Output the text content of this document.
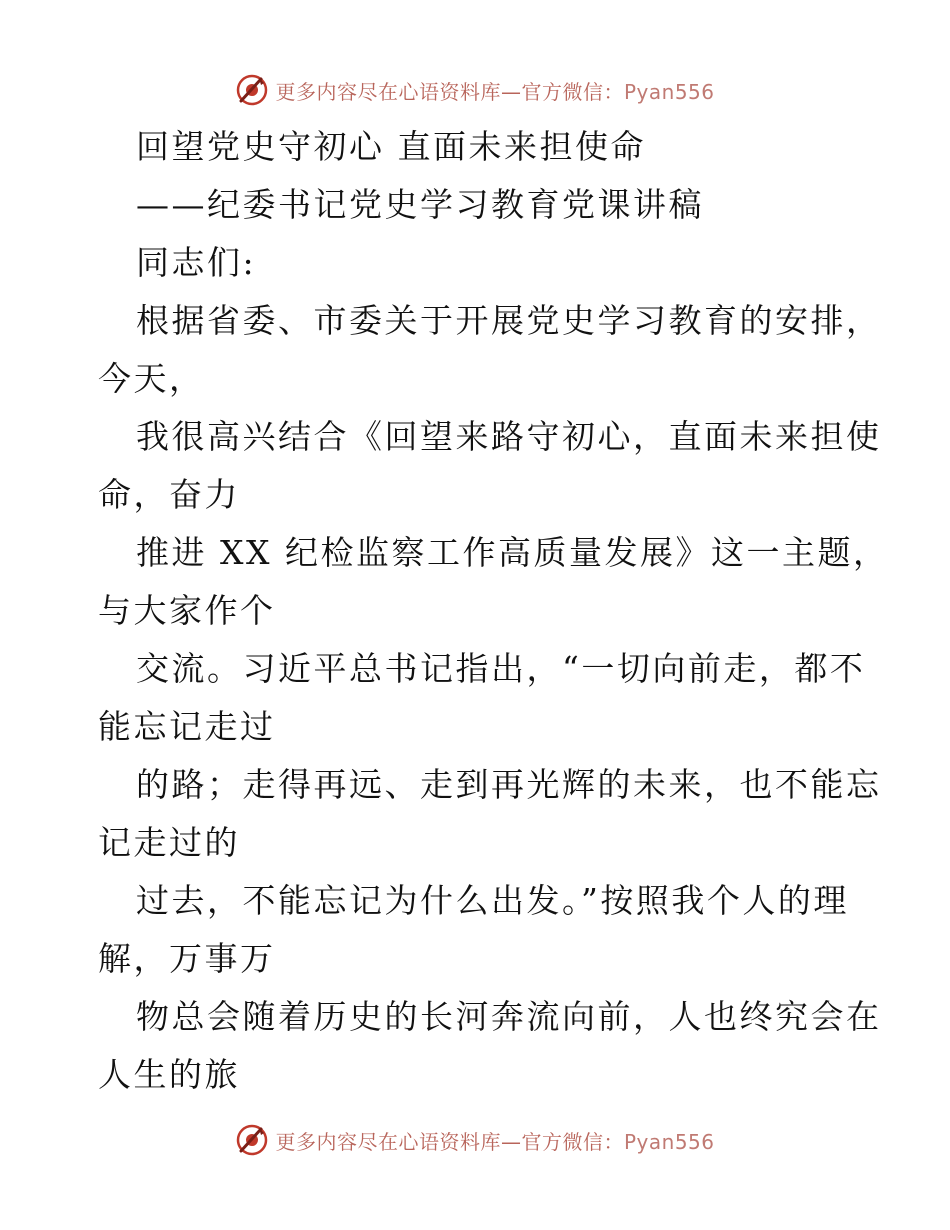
更多内容尽在心语资料库—官方微信：Pyan556
回望党史守初心 直面未来担使命
——纪委书记党史学习教育党课讲稿
同志们:
根据省委、市委关于开展党史学习教育的安排，
今天，
我很高兴结合《回望来路守初心，直面未来担使
命，奋力
推进 XX 纪检监察工作高质量发展》这一主题，
与大家作个
交流。习近平总书记指出，“一切向前走，都不
能忘记走过
的路；走得再远、走到再光辉的未来，也不能忘
记走过的
过去，不能忘记为什么出发。”按照我个人的理
解，万事万
物总会随着历史的长河奔流向前，人也终究会在
人生的旅
更多内容尽在心语资料库—官方微信：Pyan556
